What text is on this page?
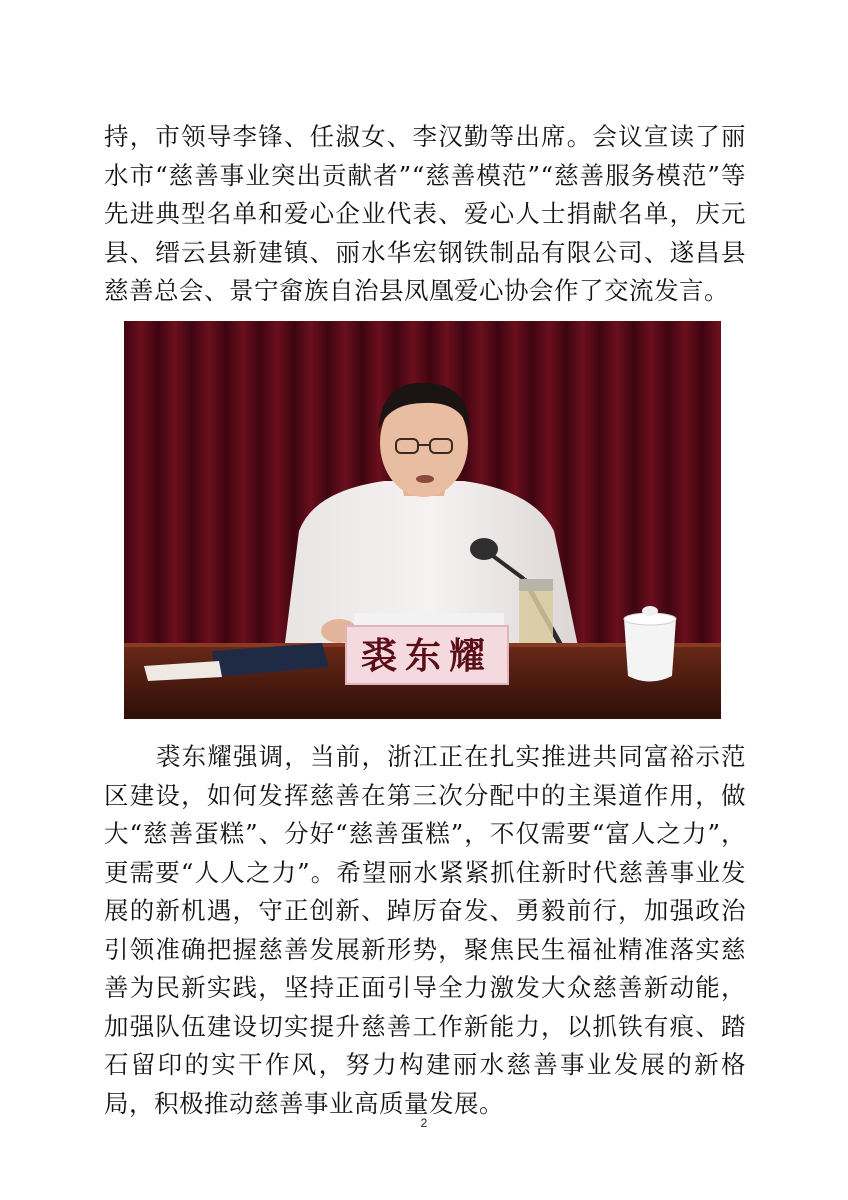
持，市领导李锋、任淑女、李汉勤等出席。会议宣读了丽水市“慈善事业突出贡献者”“慈善模范”“慈善服务模范”等先进典型名单和爱心企业代表、爱心人士捐献名单，庆元县、缙云县新建镇、丽水华宏钢铁制品有限公司、遂昌县慈善总会、景宁畲族自治县凤凰爱心协会作了交流发言。

裘东耀

裘东耀强调，当前，浙江正在扎实推进共同富裕示范区建设，如何发挥慈善在第三次分配中的主渠道作用，做大“慈善蛋糕”、分好“慈善蛋糕”，不仅需要“富人之力”，更需要“人人之力”。希望丽水紧紧抓住新时代慈善事业发展的新机遇，守正创新、踔厉奋发、勇毅前行，加强政治引领准确把握慈善发展新形势，聚焦民生福祉精准落实慈善为民新实践，坚持正面引导全力激发大众慈善新动能，加强队伍建设切实提升慈善工作新能力，以抓铁有痕、踏石留印的实干作风，努力构建丽水慈善事业发展的新格局，积极推动慈善事业高质量发展。

2
